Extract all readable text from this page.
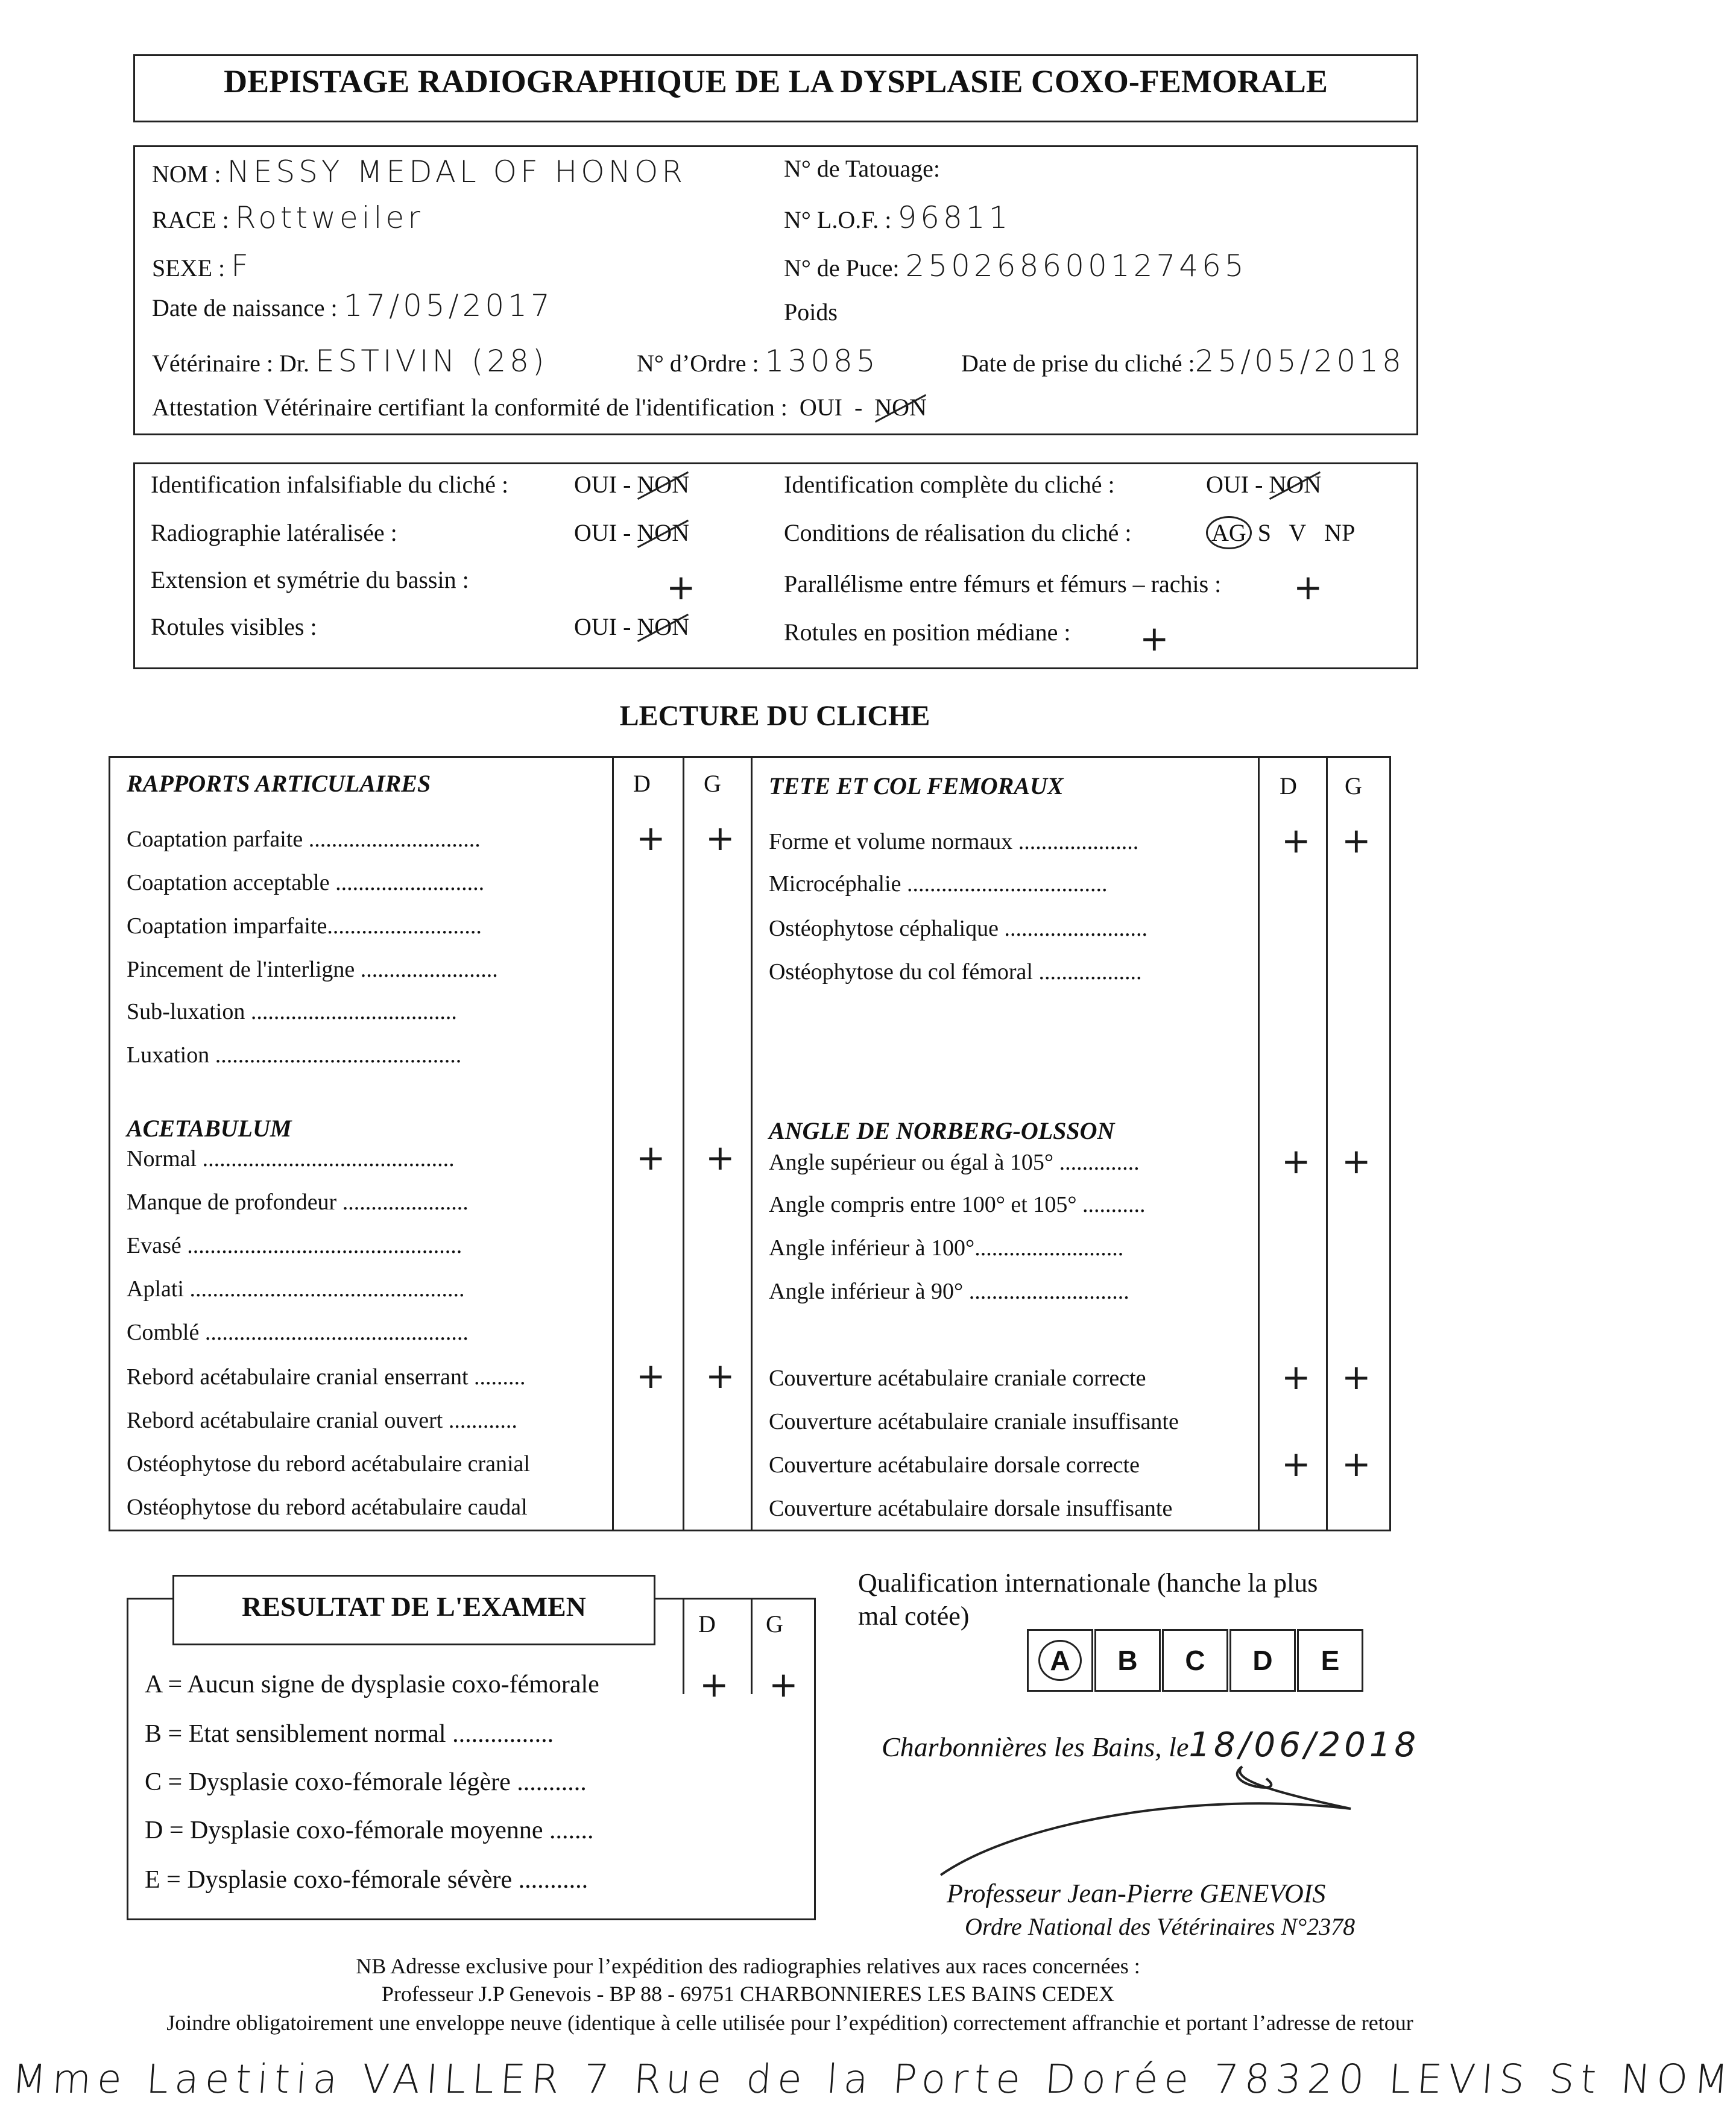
DEPISTAGE RADIOGRAPHIQUE DE LA DYSPLASIE COXO-FEMORALE
NOM : NESSY MEDAL OF HONOR
RACE : Rottweiler
SEXE : F
Date de naissance : 17/05/2017
Vétérinaire : Dr. ESTIVIN (28)	N° d’Ordre : 13085	Date de prise du cliché :25/05/2018
N° de Tatouage:
N° L.O.F. : 96811
N° de Puce: 250268600127465
Poids
Attestation Vétérinaire certifiant la conformité de l'identification : OUI - NON
Identification infalsifiable du cliché :	OUI - NON
Radiographie latéralisée :	OUI - NON
Extension et symétrie du bassin :	+
Rotules visibles :	OUI - NON
Identification complète du cliché :	OUI - NON
Conditions de réalisation du cliché :	AG S V NP
Parallélisme entre fémurs et fémurs – rachis : +
Rotules en position médiane : +
LECTURE DU CLICHE
D G	D G
RAPPORTS ARTICULAIRES
Coaptation parfaite ..............................	+ +
Coaptation acceptable ..........................
Coaptation imparfaite...........................
Pincement de l'interligne ........................
Sub-luxation ....................................
Luxation ...........................................
ACETABULUM
Normal ............................................	+ +
Manque de profondeur ......................
Evasé ................................................
Aplati ................................................
Comblé ..............................................
Rebord acétabulaire cranial enserrant .........	+ +
Rebord acétabulaire cranial ouvert ............
Ostéophytose du rebord acétabulaire cranial
Ostéophytose du rebord acétabulaire caudal
TETE ET COL FEMORAUX
Forme et volume normaux .....................	+ +
Microcéphalie ...................................
Ostéophytose céphalique .........................
Ostéophytose du col fémoral ..................
ANGLE DE NORBERG-OLSSON
Angle supérieur ou égal à 105° ..............	+ +
Angle compris entre 100° et 105° ...........
Angle inférieur à 100°..........................
Angle inférieur à 90° ............................
Couverture acétabulaire craniale correcte	+ +
Couverture acétabulaire craniale insuffisante
Couverture acétabulaire dorsale correcte	+ +
Couverture acétabulaire dorsale insuffisante
RESULTAT DE L'EXAMEN
D G
A = Aucun signe de dysplasie coxo-fémorale	+ +
B = Etat sensiblement normal ................
C = Dysplasie coxo-fémorale légère ...........
D = Dysplasie coxo-fémorale moyenne .......
E = Dysplasie coxo-fémorale sévère ...........
Qualification internationale (hanche la plus
mal cotée)
A	B C D E
Charbonnières les Bains, le18/06/2018
Professeur Jean-Pierre GENEVOIS
Ordre National des Vétérinaires N°2378
NB Adresse exclusive pour l’expédition des radiographies relatives aux races concernées :
Professeur J.P Genevois - BP 88 - 69751 CHARBONNIERES LES BAINS CEDEX
Joindre obligatoirement une enveloppe neuve (identique à celle utilisée pour l’expédition) correctement affranchie et portant l’adresse de retour
Mme Laetitia VAILLER 7 Rue de la Porte Dorée 78320 LEVIS St NOM
